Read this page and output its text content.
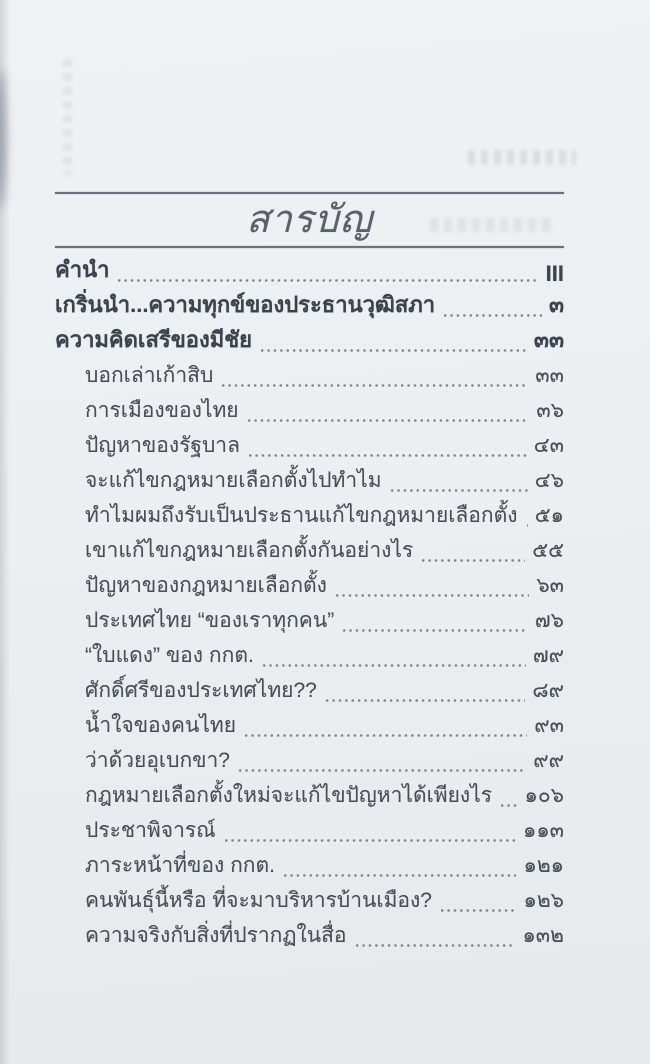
สารบัญ
คำนำ	III
เกริ่นนำ...ความทุกข์ของประธานวุฒิสภา	๓
ความคิดเสรีของมีชัย	๓๓
บอกเล่าเก้าสิบ	๓๓
การเมืองของไทย	๓๖
ปัญหาของรัฐบาล	๔๓
จะแก้ไขกฎหมายเลือกตั้งไปทำไม	๔๖
ทำไมผมถึงรับเป็นประธานแก้ไขกฎหมายเลือกตั้ง ๕๑
เขาแก้ไขกฎหมายเลือกตั้งกันอย่างไร	๕๕
ปัญหาของกฎหมายเลือกตั้ง	๖๓
ประเทศไทย “ของเราทุกคน”	๗๖
“ใบแดง” ของ กกต.	๗๙
ศักดิ์ศรีของประเทศไทย??	๘๙
น้ำใจของคนไทย	๙๓
ว่าด้วยอุเบกขา?	๙๙
กฎหมายเลือกตั้งใหม่จะแก้ไขปัญหาได้เพียงไร ๑๐๖
ประชาพิจารณ์	๑๑๓
ภาระหน้าที่ของ กกต.	๑๒๑
คนพันธุ์นี้หรือ ที่จะมาบริหารบ้านเมือง?	๑๒๖
ความจริงกับสิ่งที่ปรากฏในสื่อ	๑๓๒
